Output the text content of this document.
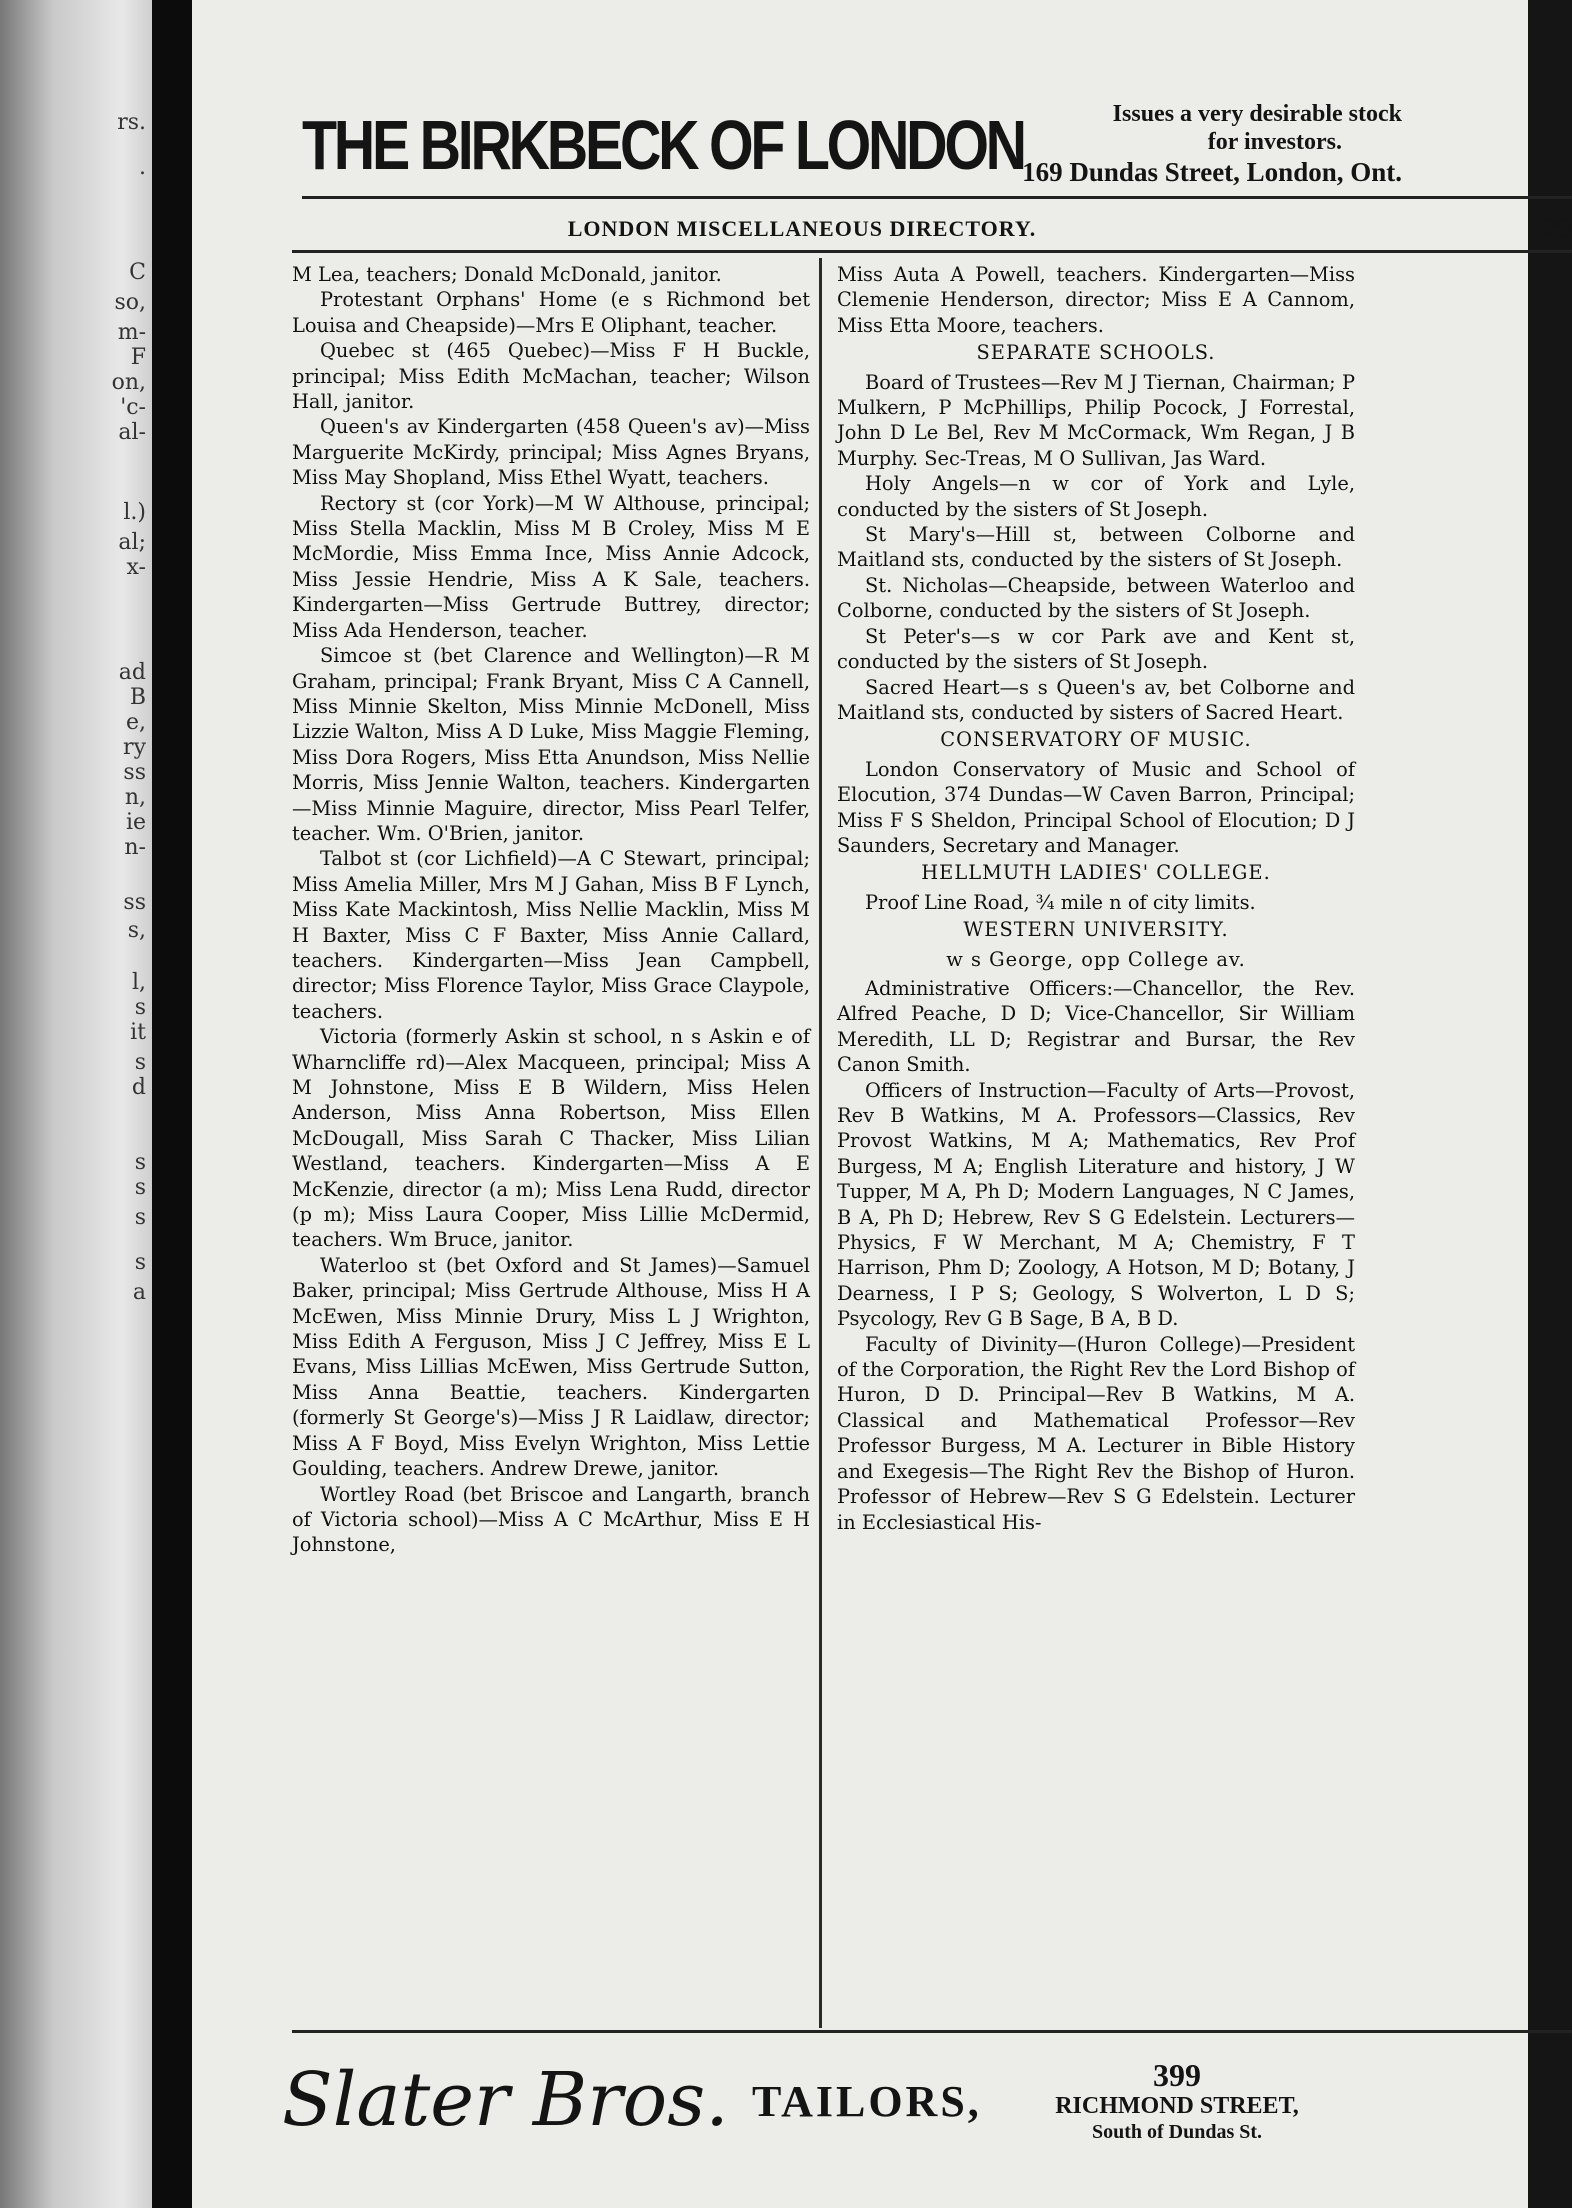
rs.
.
C
so,
m-
F
on,
'c-
al-
l.)
al;
x-
ad
B
e,
ry
ss
n,
ie
n-
ss
s,
l,
s
it
s
d
s
s
s
s
a
THE BIRKBECK OF LONDON	Issues a very desirable stock
for investors.
169 Dundas Street, London, Ont.
LONDON MISCELLANEOUS DIRECTORY.	29

M Lea, teachers; Donald McDonald, janitor.

Protestant Orphans' Home (e s Richmond bet Louisa and Cheapside)—Mrs E Oliphant, teacher.

Quebec st (465 Quebec)—Miss F H Buckle, principal; Miss Edith McMachan, teacher; Wilson Hall, janitor.

Queen's av Kindergarten (458 Queen's av)—Miss Marguerite McKirdy, principal; Miss Agnes Bryans, Miss May Shopland, Miss Ethel Wyatt, teachers.

Rectory st (cor York)—M W Althouse, principal; Miss Stella Macklin, Miss M B Croley, Miss M E McMordie, Miss Emma Ince, Miss Annie Adcock, Miss Jessie Hendrie, Miss A K Sale, teachers. Kindergarten—Miss Gertrude Buttrey, director; Miss Ada Henderson, teacher.

Simcoe st (bet Clarence and Wellington)—R M Graham, principal; Frank Bryant, Miss C A Cannell, Miss Minnie Skelton, Miss Minnie McDonell, Miss Lizzie Walton, Miss A D Luke, Miss Maggie Fleming, Miss Dora Rogers, Miss Etta Anundson, Miss Nellie Morris, Miss Jennie Walton, teachers. Kindergarten—Miss Minnie Maguire, director, Miss Pearl Telfer, teacher. Wm. O'Brien, janitor.

Talbot st (cor Lichfield)—A C Stewart, principal; Miss Amelia Miller, Mrs M J Gahan, Miss B F Lynch, Miss Kate Mackintosh, Miss Nellie Macklin, Miss M H Baxter, Miss C F Baxter, Miss Annie Callard, teachers. Kindergarten—Miss Jean Campbell, director; Miss Florence Taylor, Miss Grace Claypole, teachers.

Victoria (formerly Askin st school, n s Askin e of Wharncliffe rd)—Alex Macqueen, principal; Miss A M Johnstone, Miss E B Wildern, Miss Helen Anderson, Miss Anna Robertson, Miss Ellen McDougall, Miss Sarah C Thacker, Miss Lilian Westland, teachers. Kindergarten—Miss A E McKenzie, director (a m); Miss Lena Rudd, director (p m); Miss Laura Cooper, Miss Lillie McDermid, teachers. Wm Bruce, janitor.

Waterloo st (bet Oxford and St James)—Samuel Baker, principal; Miss Gertrude Althouse, Miss H A McEwen, Miss Minnie Drury, Miss L J Wrighton, Miss Edith A Ferguson, Miss J C Jeffrey, Miss E L Evans, Miss Lillias McEwen, Miss Gertrude Sutton, Miss Anna Beattie, teachers. Kindergarten (formerly St George's)—Miss J R Laidlaw, director; Miss A F Boyd, Miss Evelyn Wrighton, Miss Lettie Goulding, teachers. Andrew Drewe, janitor.

Wortley Road (bet Briscoe and Langarth, branch of Victoria school)—Miss A C McArthur, Miss E H Johnstone,

Miss Auta A Powell, teachers. Kindergarten—Miss Clemenie Henderson, director; Miss E A Cannom, Miss Etta Moore, teachers.

SEPARATE SCHOOLS.

Board of Trustees—Rev M J Tiernan, Chairman; P Mulkern, P McPhillips, Philip Pocock, J Forrestal, John D Le Bel, Rev M McCormack, Wm Regan, J B Murphy. Sec-Treas, M O Sullivan, Jas Ward.

Holy Angels—n w cor of York and Lyle, conducted by the sisters of St Joseph.

St Mary's—Hill st, between Colborne and Maitland sts, conducted by the sisters of St Joseph.

St. Nicholas—Cheapside, between Waterloo and Colborne, conducted by the sisters of St Joseph.

St Peter's—s w cor Park ave and Kent st, conducted by the sisters of St Joseph.

Sacred Heart—s s Queen's av, bet Colborne and Maitland sts, conducted by sisters of Sacred Heart.

CONSERVATORY OF MUSIC.

London Conservatory of Music and School of Elocution, 374 Dundas—W Caven Barron, Principal; Miss F S Sheldon, Principal School of Elocution; D J Saunders, Secretary and Manager.

HELLMUTH LADIES' COLLEGE.

Proof Line Road, ¾ mile n of city limits.

WESTERN UNIVERSITY.

w s George, opp College av.

Administrative Officers:—Chancellor, the Rev. Alfred Peache, D D; Vice-Chancellor, Sir William Meredith, LL D; Registrar and Bursar, the Rev Canon Smith.

Officers of Instruction—Faculty of Arts—Provost, Rev B Watkins, M A. Professors—Classics, Rev Provost Watkins, M A; Mathematics, Rev Prof Burgess, M A; English Literature and history, J W Tupper, M A, Ph D; Modern Languages, N C James, B A, Ph D; Hebrew, Rev S G Edelstein. Lecturers—Physics, F W Merchant, M A; Chemistry, F T Harrison, Phm D; Zoology, A Hotson, M D; Botany, J Dearness, I P S; Geology, S Wolverton, L D S; Psycology, Rev G B Sage, B A, B D.

Faculty of Divinity—(Huron College)—President of the Corporation, the Right Rev the Lord Bishop of Huron, D D. Principal—Rev B Watkins, M A. Classical and Mathematical Professor—Rev Professor Burgess, M A. Lecturer in Bible History and Exegesis—The Right Rev the Bishop of Huron. Professor of Hebrew—Rev S G Edelstein. Lecturer in Ecclesiastical His-

Slater Bros. TAILORS,
399
RICHMOND STREET,
South of Dundas St.
